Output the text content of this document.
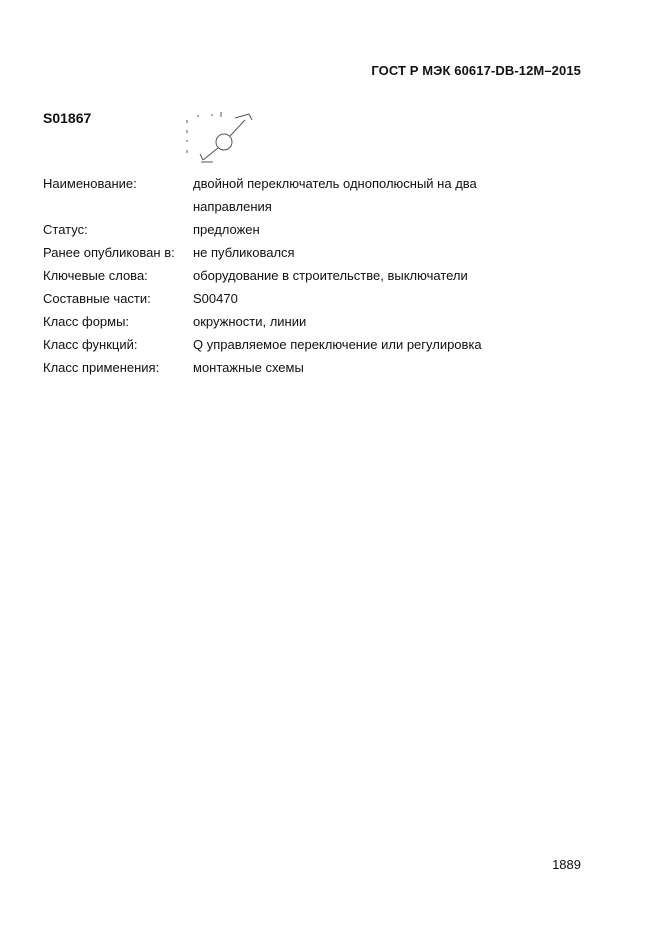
ГОСТ Р МЭК 60617-DB-12M–2015
S01867
Наименование:	двойной переключатель однополюсный на два
направления
Статус:	предложен
Ранее опубликован в:	не публиковался
Ключевые слова:	оборудование в строительстве, выключатели
Составные части:	S00470
Класс формы:	окружности, линии
Класс функций:	Q управляемое переключение или регулировка
Класс применения:	монтажные схемы
1889
